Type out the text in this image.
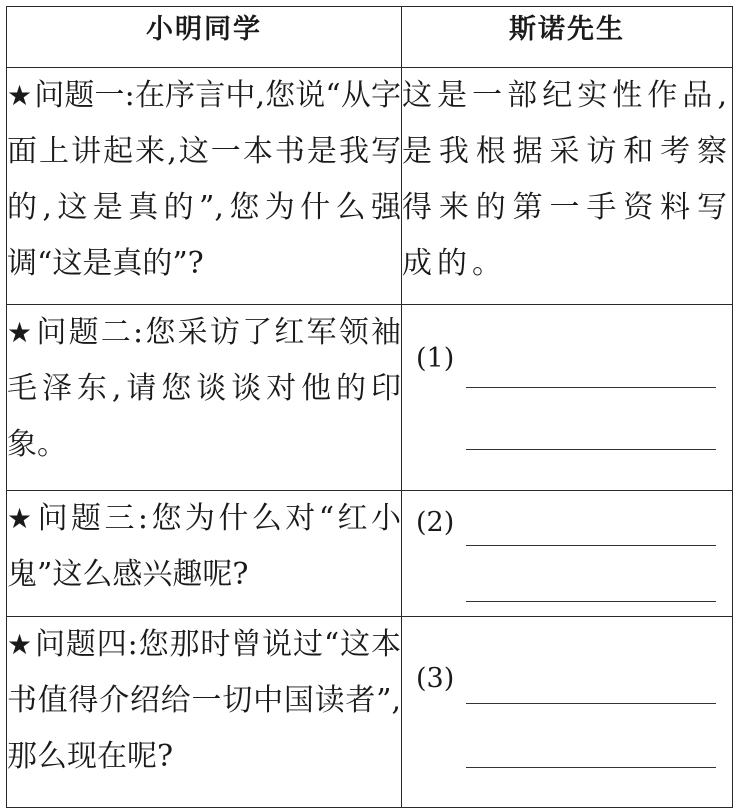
小明同学	斯诺先生
★问题一:在序言中,您说“从字面上讲起来,这一本书是我写的,这是真的”,您为什么强调“这是真的”?	这是一部纪实性作品,是我根据采访和考察得来的第一手资料写成的。
★问题二:您采访了红军领袖毛泽东,请您谈谈对他的印象。	(1)

★问题三:您为什么对“红小鬼”这么感兴趣呢?	(2)

★问题四:您那时曾说过“这本书值得介绍给一切中国读者”,那么现在呢?	(3)
